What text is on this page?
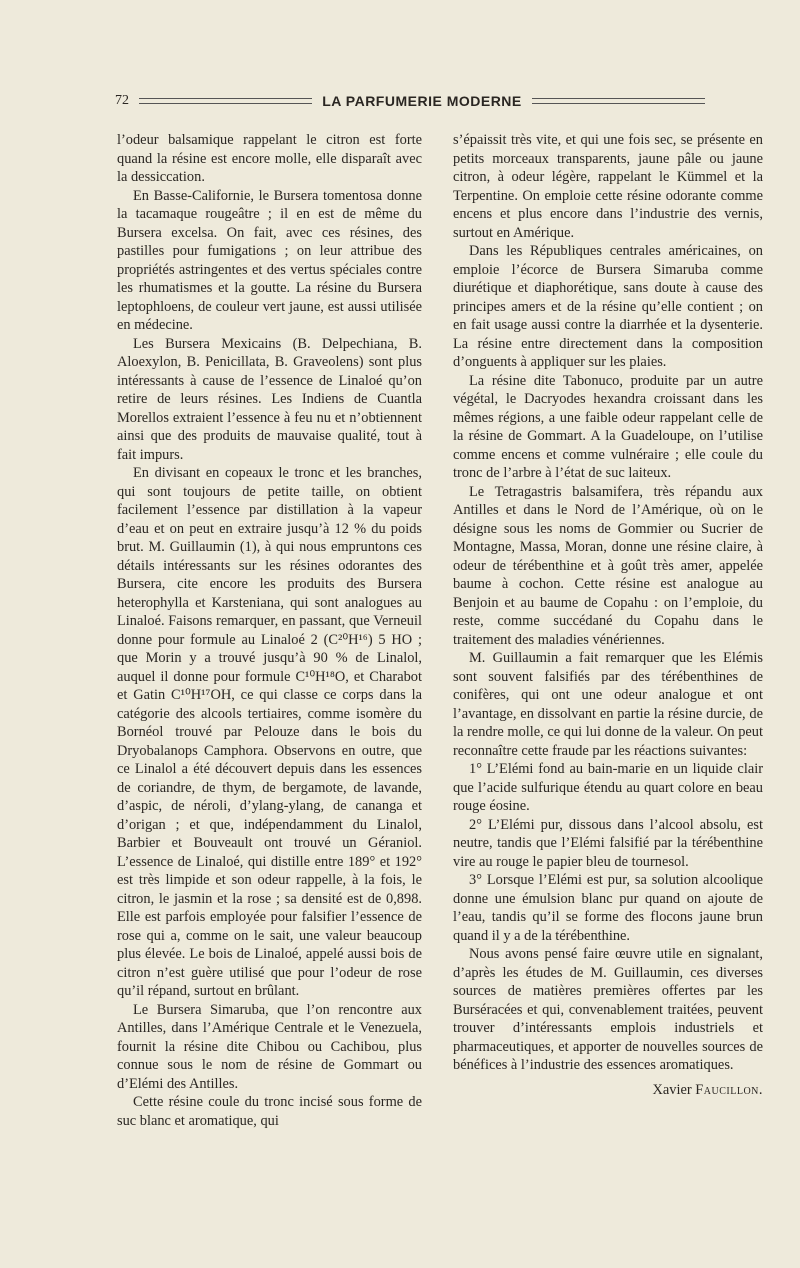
72	LA PARFUMERIE MODERNE

l’odeur balsamique rappelant le citron est forte quand la résine est encore molle, elle disparaît avec la dessiccation.

En Basse-Californie, le Bursera tomentosa donne la tacamaque rougeâtre ; il en est de même du Bursera excelsa. On fait, avec ces résines, des pastilles pour fumigations ; on leur attribue des propriétés astringentes et des vertus spéciales contre les rhumatismes et la goutte. La résine du Bursera leptophloens, de couleur vert jaune, est aussi utilisée en médecine.

Les Bursera Mexicains (B. Delpechiana, B. Aloexylon, B. Penicillata, B. Graveolens) sont plus intéressants à cause de l’essence de Linaloé qu’on retire de leurs résines. Les Indiens de Cuantla Morellos extraient l’essence à feu nu et n’obtiennent ainsi que des produits de mauvaise qualité, tout à fait impurs.

En divisant en copeaux le tronc et les branches, qui sont toujours de petite taille, on obtient facilement l’essence par distillation à la vapeur d’eau et on peut en extraire jusqu’à 12 % du poids brut. M. Guillaumin (1), à qui nous empruntons ces détails intéressants sur les résines odorantes des Bursera, cite encore les produits des Bursera heterophylla et Karsteniana, qui sont analogues au Linaloé. Faisons remarquer, en passant, que Verneuil donne pour formule au Linaloé 2 (C²⁰H¹⁶) 5 HO ; que Morin y a trouvé jusqu’à 90 % de Linalol, auquel il donne pour formule C¹⁰H¹⁸O, et Charabot et Gatin C¹⁰H¹⁷OH, ce qui classe ce corps dans la catégorie des alcools tertiaires, comme isomère du Bornéol trouvé par Pelouze dans le bois du Dryobalanops Camphora. Observons en outre, que ce Linalol a été découvert depuis dans les essences de coriandre, de thym, de bergamote, de lavande, d’aspic, de néroli, d’ylang-ylang, de cananga et d’origan ; et que, indépendamment du Linalol, Barbier et Bouveault ont trouvé un Géraniol. L’essence de Linaloé, qui distille entre 189° et 192° est très limpide et son odeur rappelle, à la fois, le citron, le jasmin et la rose ; sa densité est de 0,898. Elle est parfois employée pour falsifier l’essence de rose qui a, comme on le sait, une valeur beaucoup plus élevée. Le bois de Linaloé, appelé aussi bois de citron n’est guère utilisé que pour l’odeur de rose qu’il répand, surtout en brûlant.

Le Bursera Simaruba, que l’on rencontre aux Antilles, dans l’Amérique Centrale et le Venezuela, fournit la résine dite Chibou ou Cachibou, plus connue sous le nom de résine de Gommart ou d’Elémi des Antilles.

Cette résine coule du tronc incisé sous forme de suc blanc et aromatique, qui

s’épaissit très vite, et qui une fois sec, se présente en petits morceaux transparents, jaune pâle ou jaune citron, à odeur légère, rappelant le Kümmel et la Terpentine. On emploie cette résine odorante comme encens et plus encore dans l’industrie des vernis, surtout en Amérique.

Dans les Républiques centrales américaines, on emploie l’écorce de Bursera Simaruba comme diurétique et diaphorétique, sans doute à cause des principes amers et de la résine qu’elle contient ; on en fait usage aussi contre la diarrhée et la dysenterie. La résine entre directement dans la composition d’onguents à appliquer sur les plaies.

La résine dite Tabonuco, produite par un autre végétal, le Dacryodes hexandra croissant dans les mêmes régions, a une faible odeur rappelant celle de la résine de Gommart. A la Guadeloupe, on l’utilise comme encens et comme vulnéraire ; elle coule du tronc de l’arbre à l’état de suc laiteux.

Le Tetragastris balsamifera, très répandu aux Antilles et dans le Nord de l’Amérique, où on le désigne sous les noms de Gommier ou Sucrier de Montagne, Massa, Moran, donne une résine claire, à odeur de térébenthine et à goût très amer, appelée baume à cochon. Cette résine est analogue au Benjoin et au baume de Copahu : on l’emploie, du reste, comme succédané du Copahu dans le traitement des maladies vénériennes.

M. Guillaumin a fait remarquer que les Elémis sont souvent falsifiés par des térébenthines de conifères, qui ont une odeur analogue et ont l’avantage, en dissolvant en partie la résine durcie, de la rendre molle, ce qui lui donne de la valeur. On peut reconnaître cette fraude par les réactions suivantes:

1° L’Elémi fond au bain-marie en un liquide clair que l’acide sulfurique étendu au quart colore en beau rouge éosine.

2° L’Elémi pur, dissous dans l’alcool absolu, est neutre, tandis que l’Elémi falsifié par la térébenthine vire au rouge le papier bleu de tournesol.

3° Lorsque l’Elémi est pur, sa solution alcoolique donne une émulsion blanc pur quand on ajoute de l’eau, tandis qu’il se forme des flocons jaune brun quand il y a de la térébenthine.

Nous avons pensé faire œuvre utile en signalant, d’après les études de M. Guillaumin, ces diverses sources de matières premières offertes par les Burséracées et qui, convenablement traitées, peuvent trouver d’intéressants emplois industriels et pharmaceutiques, et apporter de nouvelles sources de bénéfices à l’industrie des essences aromatiques.

Xavier Faucillon.
